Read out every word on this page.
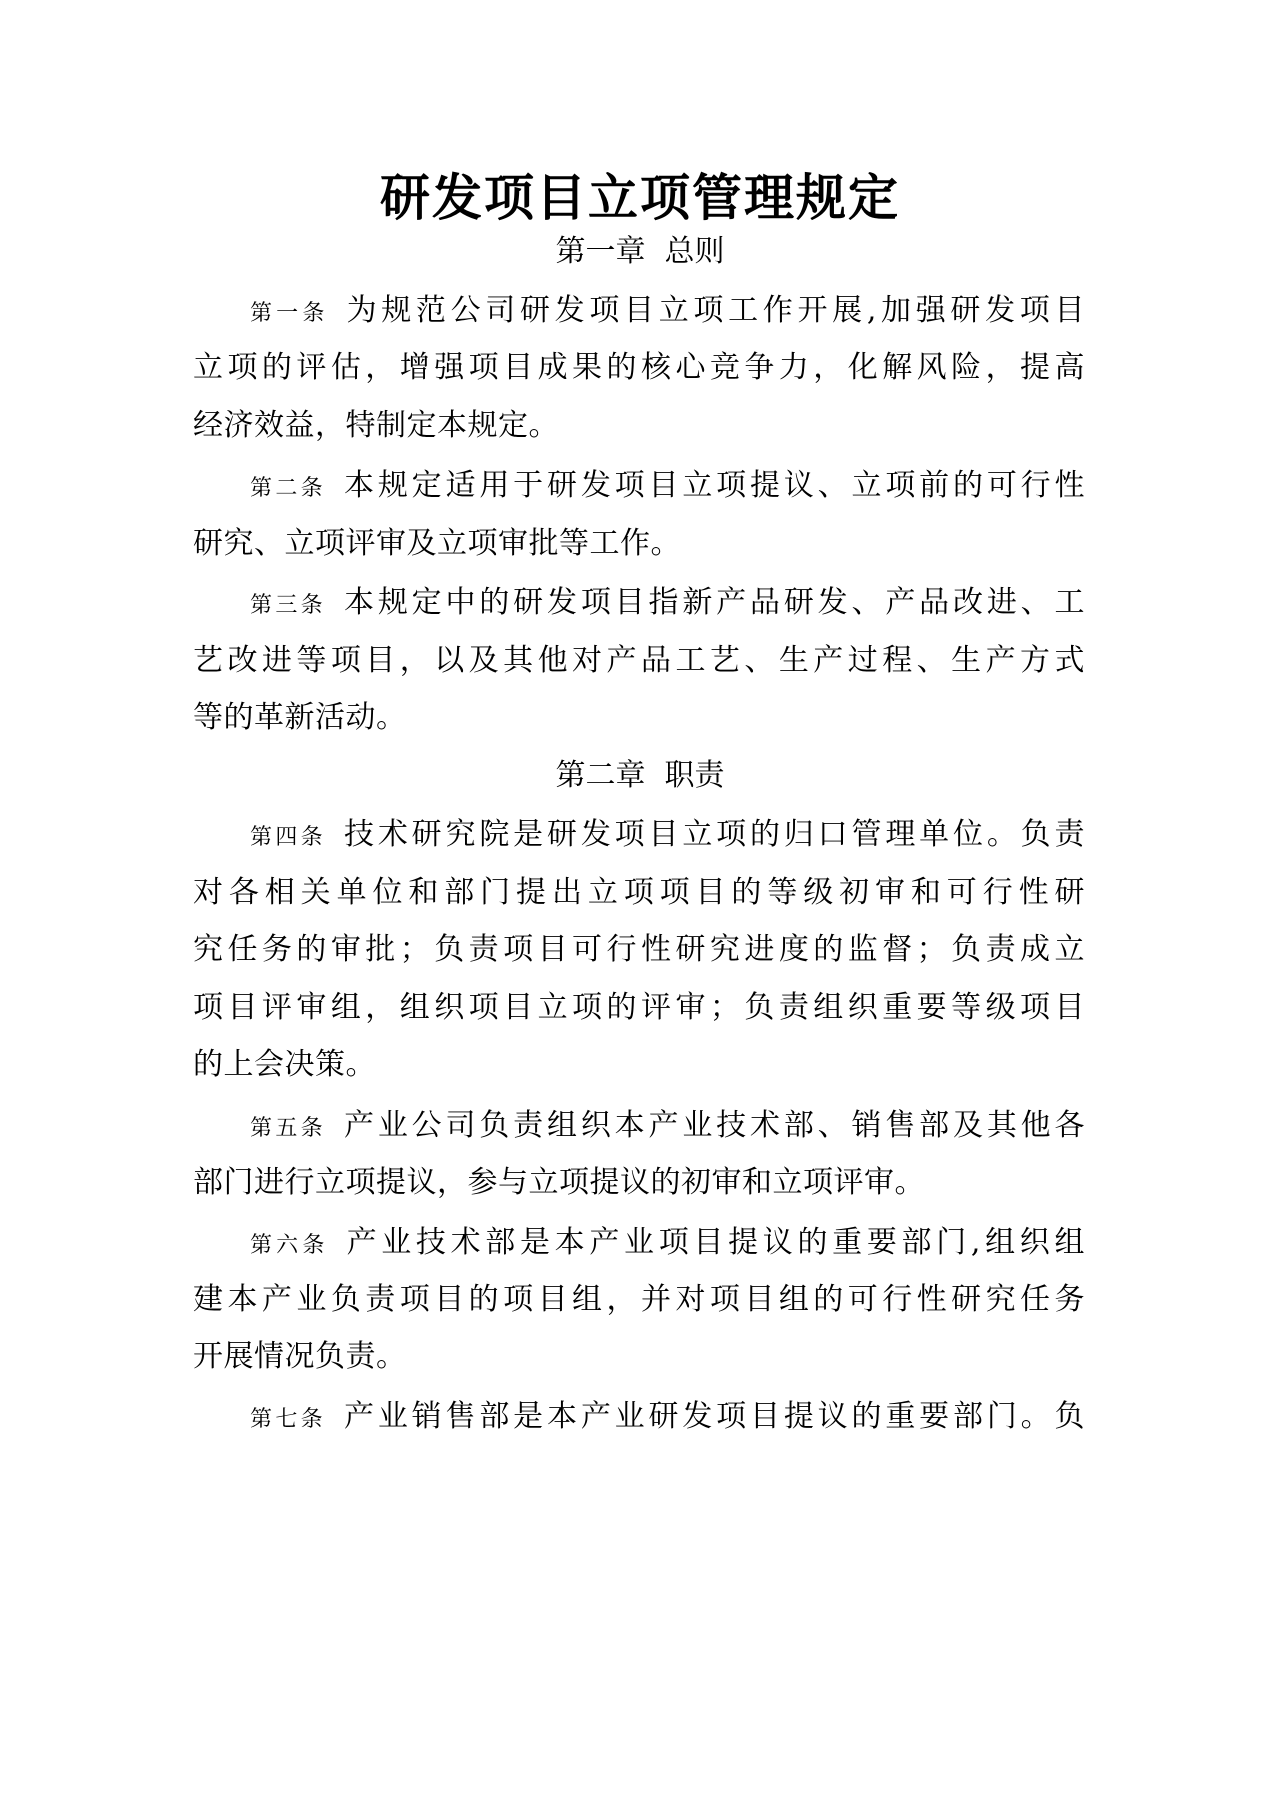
研发项目立项管理规定
第一章  总则
第一条 为规范公司研发项目立项工作开展,加强研发项目
立项的评估，增强项目成果的核心竞争力，化解风险，提高
经济效益，特制定本规定。
第二条 本规定适用于研发项目立项提议、立项前的可行性
研究、立项评审及立项审批等工作。
第三条 本规定中的研发项目指新产品研发、产品改进、工
艺改进等项目，以及其他对产品工艺、生产过程、生产方式
等的革新活动。
第二章  职责
第四条 技术研究院是研发项目立项的归口管理单位。负责
对各相关单位和部门提出立项项目的等级初审和可行性研
究任务的审批；负责项目可行性研究进度的监督；负责成立
项目评审组，组织项目立项的评审；负责组织重要等级项目
的上会决策。
第五条 产业公司负责组织本产业技术部、销售部及其他各
部门进行立项提议，参与立项提议的初审和立项评审。
第六条 产业技术部是本产业项目提议的重要部门,组织组
建本产业负责项目的项目组，并对项目组的可行性研究任务
开展情况负责。
第七条 产业销售部是本产业研发项目提议的重要部门。负
